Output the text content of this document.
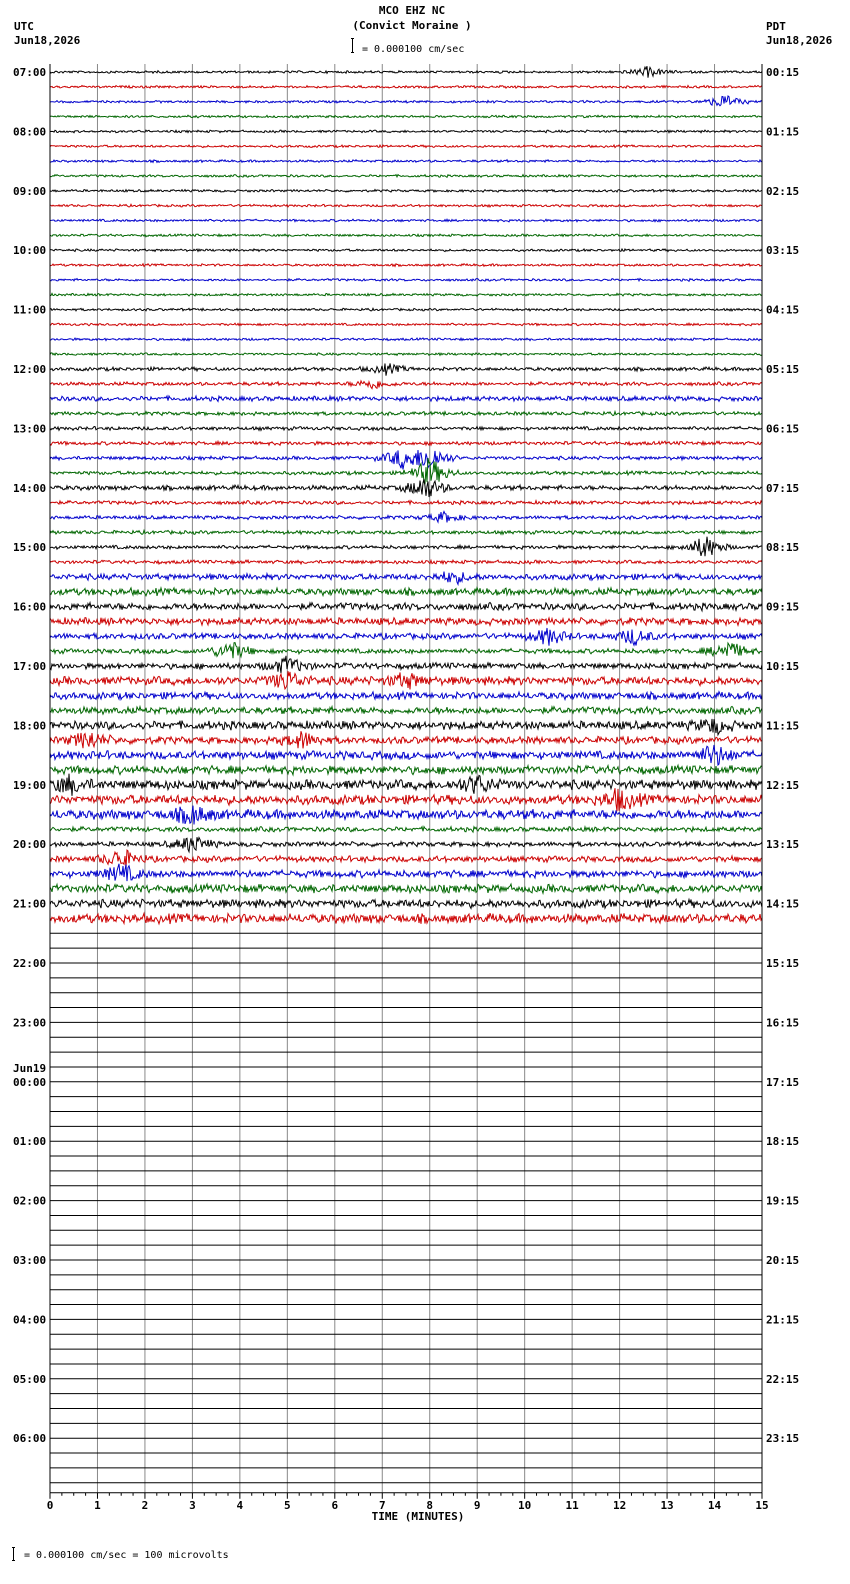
07:00
08:00
09:00
10:00
11:00
12:00
13:00
14:00
15:00
16:00
17:00
18:00
19:00
20:00
21:00
22:00
23:00
00:00
01:00
02:00
03:00
04:00
05:00
06:00
00:15
01:15
02:15
03:15
04:15
05:15
06:15
07:15
08:15
09:15
10:15
11:15
12:15
13:15
14:15
15:15
16:15
17:15
18:15
19:15
20:15
21:15
22:15
23:15
Jun19
0	1	2	3	4	5	6	7	8	9	10	11	12	13	14	15
MCO EHZ NC
(Convict Moraine )
= 0.000100 cm/sec
UTC
Jun18,2026
PDT
Jun18,2026
TIME (MINUTES)
= 0.000100 cm/sec = 100 microvolts
